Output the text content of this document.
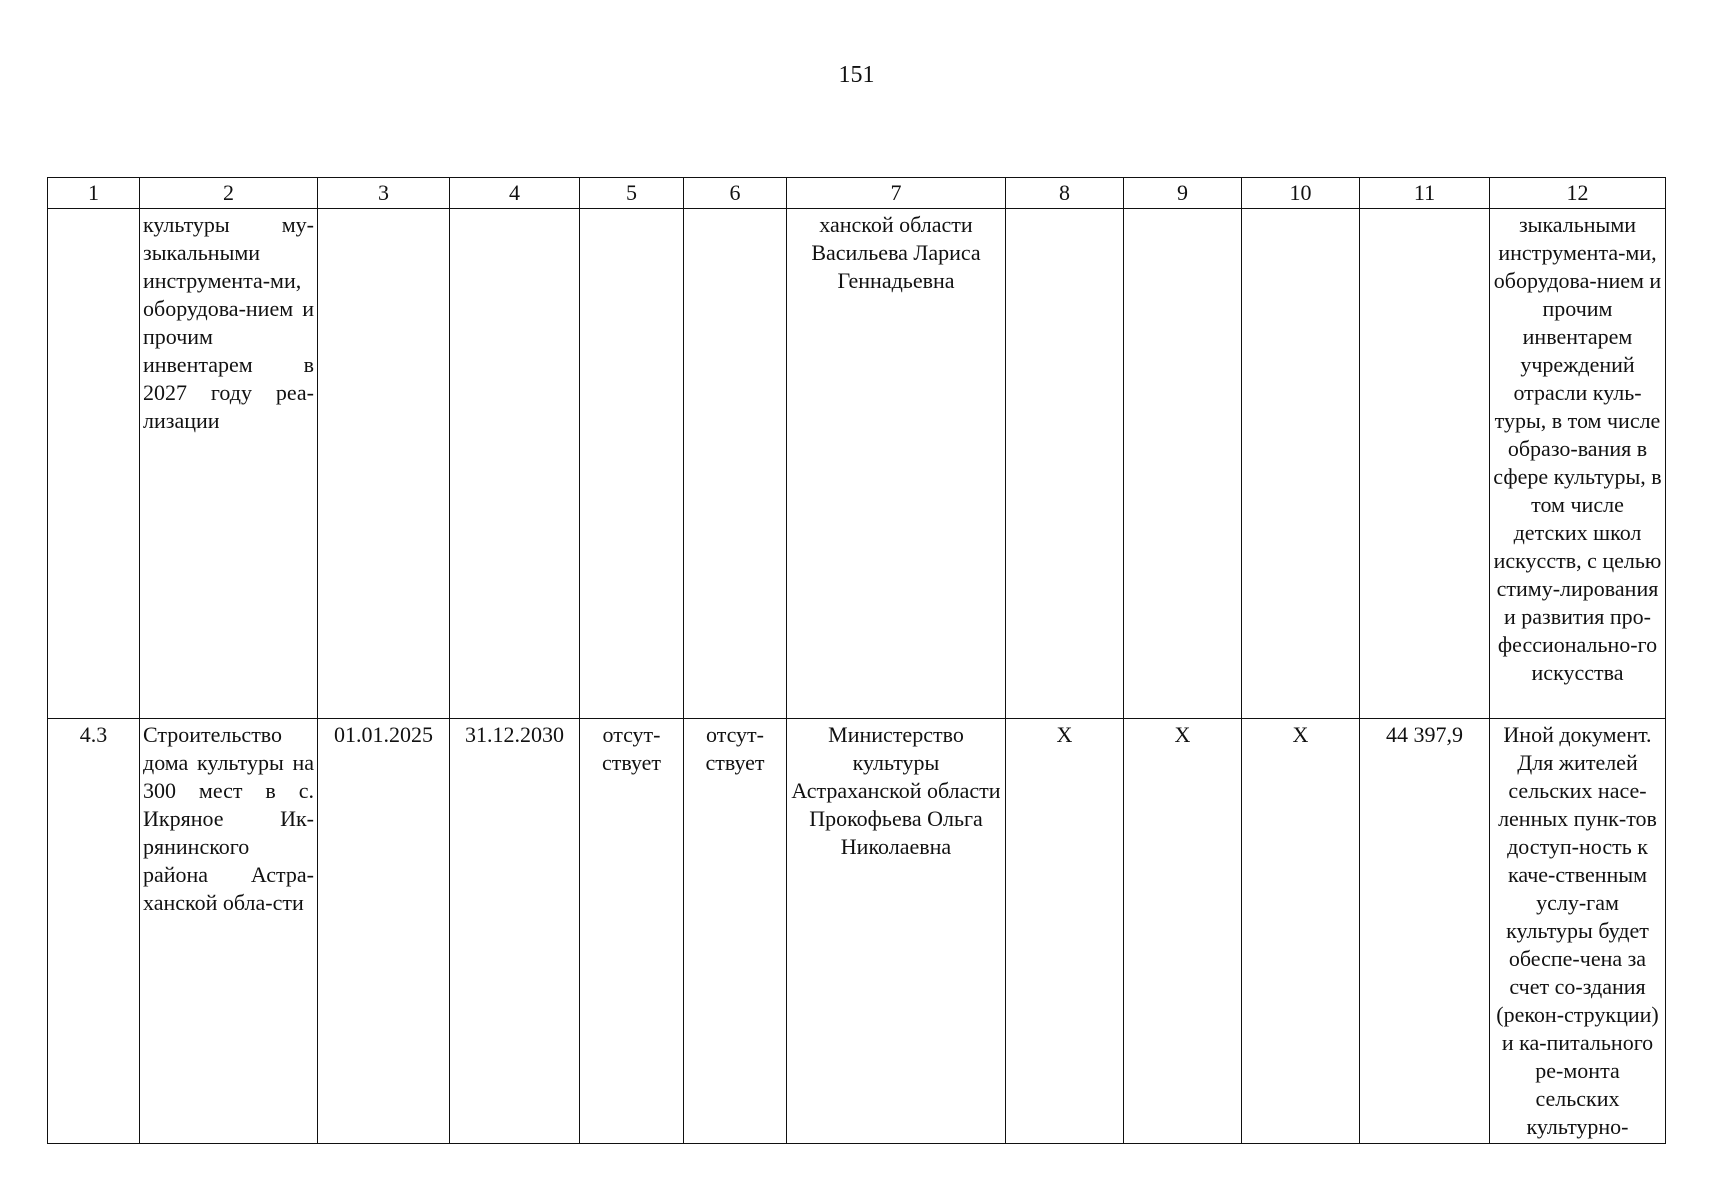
151
1	2	3	4	5	6	7	8	9	10	11	12
	культуры му-зыкальными инструмента-ми, оборудова-нием и прочим инвентарем в 2027 году реа-лизации					ханской области Васильева Лариса Геннадьевна					зыкальными инструмента-ми, оборудова-нием и прочим инвентарем учреждений отрасли куль-туры, в том числе образо-вания в сфере культуры, в том числе детских школ искусств, с целью стиму-лирования и развития про-фессионально-го искусства
4.3	Строительство дома культуры на 300 мест в с. Икряное Ик-рянинского района Астра-ханской обла-сти	01.01.2025	31.12.2030	отсут-ствует	отсут-ствует	Министерство культуры Астраханской области Прокофьева Ольга Николаевна	Х	Х	Х	44 397,9	Иной документ. Для жителей сельских насе-ленных пунк-тов доступ-ность к каче-ственным услу-гам культуры будет обеспе-чена за счет со-здания (рекон-струкции) и ка-питального ре-монта сельских культурно-
